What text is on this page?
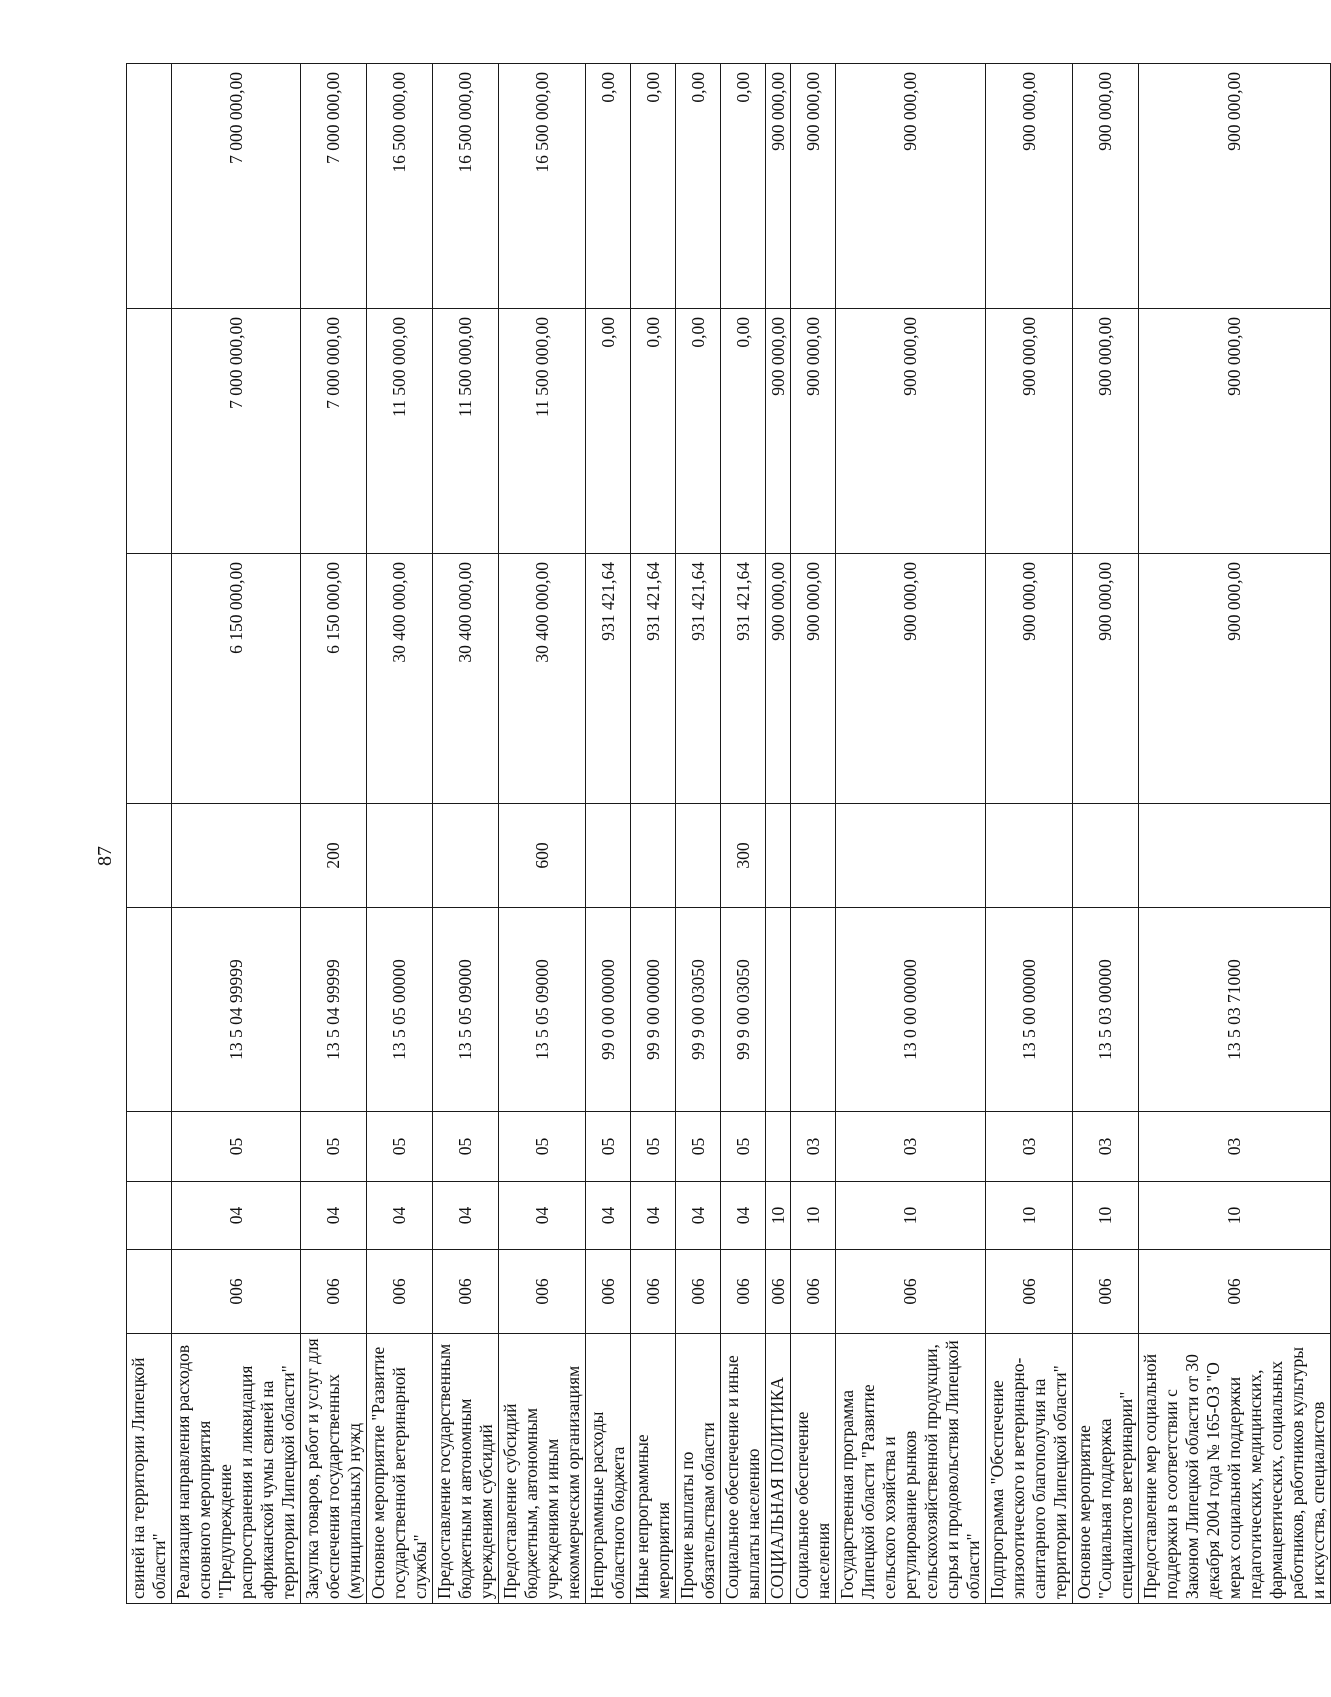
87
свиней на территории Липецкой области"								
Реализация направления расходов основного мероприятия "Предупреждение распространения и ликвидация африканской чумы свиней на территории Липецкой области"	006	04	05	13 5 04 99999		6 150 000,00	7 000 000,00	7 000 000,00
Закупка товаров, работ и услуг для обеспечения государственных (муниципальных) нужд	006	04	05	13 5 04 99999	200	6 150 000,00	7 000 000,00	7 000 000,00
Основное мероприятие "Развитие государственной ветеринарной службы"	006	04	05	13 5 05 00000		30 400 000,00	11 500 000,00	16 500 000,00
Предоставление государственным бюджетным и автономным учреждениям субсидий	006	04	05	13 5 05 09000		30 400 000,00	11 500 000,00	16 500 000,00
Предоставление субсидий бюджетным, автономным учреждениям и иным некоммерческим организациям	006	04	05	13 5 05 09000	600	30 400 000,00	11 500 000,00	16 500 000,00
Непрограммные расходы областного бюджета	006	04	05	99 0 00 00000		931 421,64	0,00	0,00
Иные непрограммные мероприятия	006	04	05	99 9 00 00000		931 421,64	0,00	0,00
Прочие выплаты по обязательствам области	006	04	05	99 9 00 03050		931 421,64	0,00	0,00
Социальное обеспечение и иные выплаты населению	006	04	05	99 9 00 03050	300	931 421,64	0,00	0,00
СОЦИАЛЬНАЯ ПОЛИТИКА	006	10				900 000,00	900 000,00	900 000,00
Социальное обеспечение населения	006	10	03			900 000,00	900 000,00	900 000,00
Государственная программа Липецкой области "Развитие сельского хозяйства и регулирование рынков сельскохозяйственной продукции, сырья и продовольствия Липецкой области"	006	10	03	13 0 00 00000		900 000,00	900 000,00	900 000,00
Подпрограмма "Обеспечение эпизоотического и ветеринарно-санитарного благополучия на территории Липецкой области"	006	10	03	13 5 00 00000		900 000,00	900 000,00	900 000,00
Основное мероприятие "Социальная поддержка специалистов ветеринарии"	006	10	03	13 5 03 00000		900 000,00	900 000,00	900 000,00
Предоставление мер социальной поддержки в соответствии с Законом Липецкой области от 30 декабря 2004 года № 165-ОЗ "О мерах социальной поддержки педагогических, медицинских, фармацевтических, социальных работников, работников культуры и искусства, специалистов	006	10	03	13 5 03 71000		900 000,00	900 000,00	900 000,00
